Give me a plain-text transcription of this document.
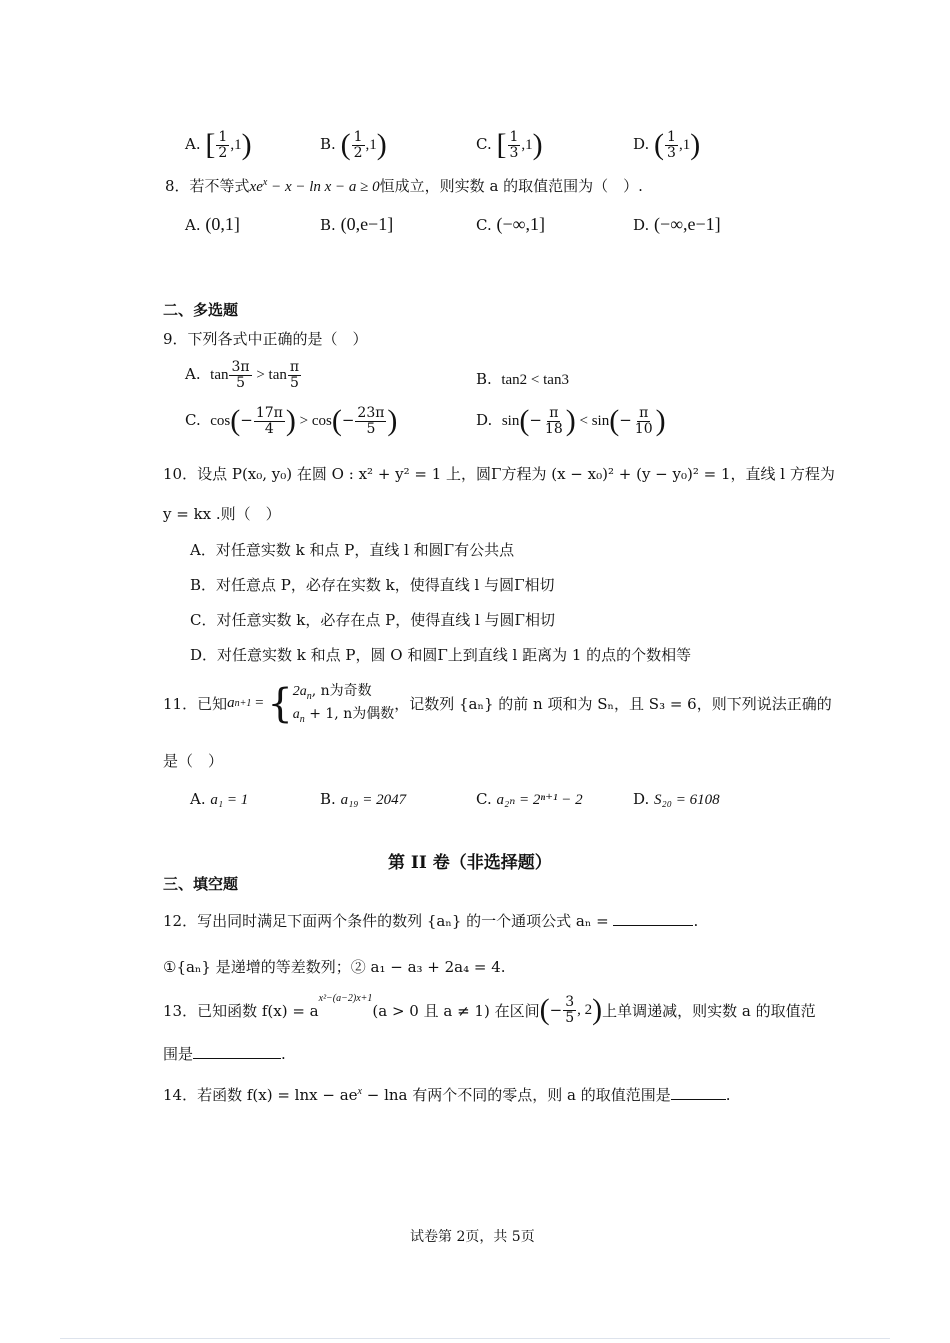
A. [ $\frac{1}{2} ,1$)	B. ( $\frac{1}{2} ,1$)	C. [ $\frac{1}{3} ,1$)	D. ( $\frac{1}{3} ,1$)
8．若不等式$xe^x - x - \ln x - a \ge 0$恒成立，则实数 a 的取值范围为（　）.
A. (0,1]	B. (0,e−1]	C. (−∞,1]	D. (−∞,e−1]
二、多选题
9．下列各式中正确的是（　）
A. $\tan \frac{3\pi}{5} > \tan \frac{\pi}{5}$	B. tan2 < tan3
C. $\cos(- \frac{17\pi}{4}$ ) > $\cos(- \frac{23\pi}{5}$ )	D. $\sin(- \frac{\pi}{18}$ ) < $\sin(- \frac{\pi}{10}$ )
10．设点 P(x₀, y₀) 在圆 O : x² + y² = 1 上，圆Γ方程为 (x − x₀)² + (y − y₀)² = 1，直线 l 方程为
y = kx .则（　）
A．对任意实数 k 和点 P，直线 l 和圆Γ有公共点
B．对任意点 P，必存在实数 k，使得直线 l 与圆Γ相切
C．对任意实数 k，必存在点 P，使得直线 l 与圆Γ相切
D．对任意实数 k 和点 P，圆 O 和圆Γ上到直线 l 距离为 1 的点的个数相等
11．已知 a n+1 = { $2a_n$, n为奇数
$a_n + 1$, n为偶数
，记数列 {aₙ} 的前 n 项和为 Sₙ，且 S₃ = 6，则下列说法正确的
是（　）
A. a₁ = 1	B. a₁₉ = 2047	C. a₂ₙ = 2ⁿ⁺¹ − 2	D. S₂₀ = 6108
第 II 卷（非选择题）
三、填空题
12．写出同时满足下面两个条件的数列 {aₙ} 的一个通项公式 aₙ =	.
①{aₙ} 是递增的等差数列；② a₁ − a₃ + 2a₄ = 4.
13．已知函数 f(x) = a
$^{x^2-(a-2)x+1}$
(a > 0 且 a ≠ 1) 在区间 ( − $\frac{3}{5}$ , 2 ) 上单调递减，则实数 a 的取值范
围是	.
14．若函数 $f(x) = \ln x - ae^x - \ln a$ 有两个不同的零点，则 a 的取值范围是	.
试卷第 2页，共 5页
